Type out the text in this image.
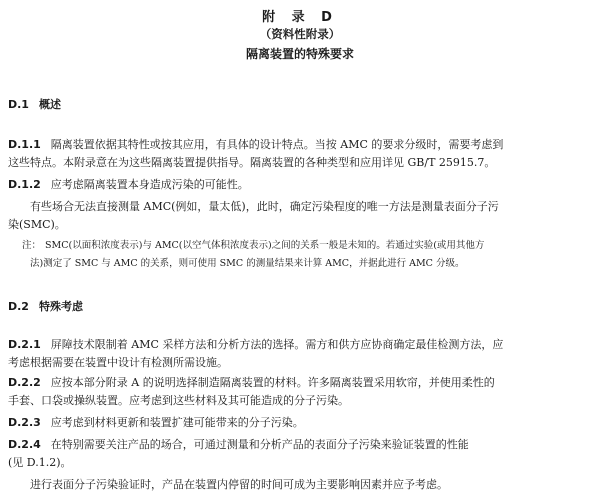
附 录 D
（资料性附录）
隔离装置的特殊要求
D.1 概述
D.1.1 隔离装置依据其特性或按其应用，有具体的设计特点。当按 AMC 的要求分级时，需要考虑到
这些特点。本附录意在为这些隔离装置提供指导。隔离装置的各种类型和应用详见 GB/T 25915.7。
D.1.2 应考虑隔离装置本身造成污染的可能性。
有些场合无法直接测量 AMC(例如，量太低)，此时，确定污染程度的唯一方法是测量表面分子污
染(SMC)。
注： SMC(以面积浓度表示)与 AMC(以空气体积浓度表示)之间的关系一般是未知的。若通过实验(或用其他方
法)测定了 SMC 与 AMC 的关系，则可使用 SMC 的测量结果来计算 AMC，并据此进行 AMC 分级。
D.2 特殊考虑
D.2.1 屏障技术限制着 AMC 采样方法和分析方法的选择。需方和供方应协商确定最佳检测方法，应
考虑根据需要在装置中设计有检测所需设施。
D.2.2 应按本部分附录 A 的说明选择制造隔离装置的材料。许多隔离装置采用软帘，并使用柔性的
手套、口袋或操纵装置。应考虑到这些材料及其可能造成的分子污染。
D.2.3 应考虑到材料更新和装置扩建可能带来的分子污染。
D.2.4 在特别需要关注产品的场合，可通过测量和分析产品的表面分子污染来验证装置的性能
(见 D.1.2)。
进行表面分子污染验证时，产品在装置内停留的时间可成为主要影响因素并应予考虑。
